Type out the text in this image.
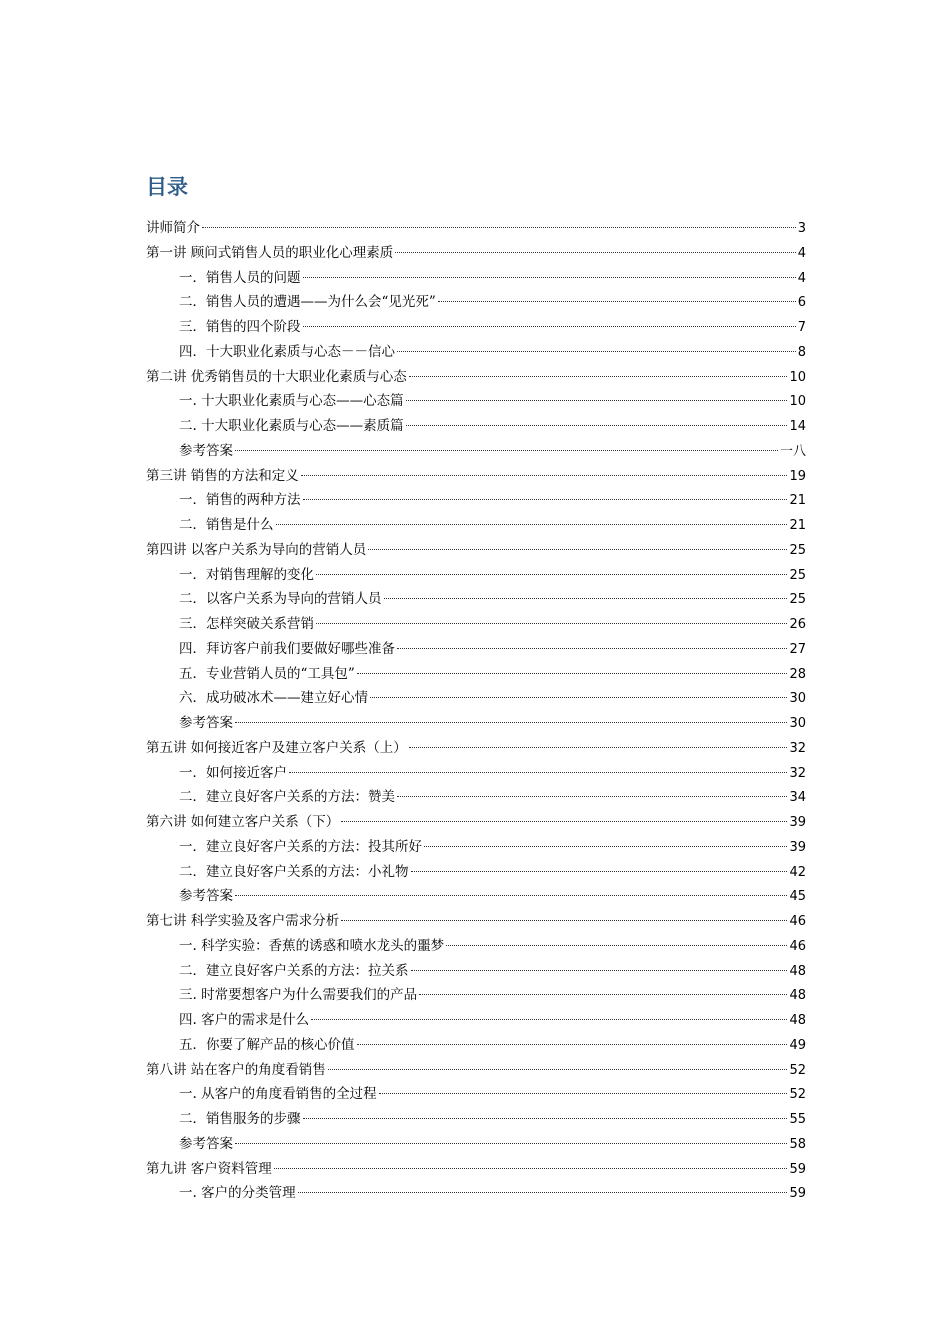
目录
讲师简介	3
第一讲 顾问式销售人员的职业化心理素质	4
一．销售人员的问题	4
二．销售人员的遭遇——为什么会“见光死”	6
三．销售的四个阶段	7
四．十大职业化素质与心态－－信心	8
第二讲 优秀销售员的十大职业化素质与心态	10
一. 十大职业化素质与心态——心态篇	10
二. 十大职业化素质与心态——素质篇	14
参考答案	一八
第三讲 销售的方法和定义	19
一．销售的两种方法	21
二．销售是什么	21
第四讲 以客户关系为导向的营销人员	25
一．对销售理解的变化	25
二．以客户关系为导向的营销人员	25
三．怎样突破关系营销	26
四．拜访客户前我们要做好哪些准备	27
五．专业营销人员的“工具包”	28
六．成功破冰术——建立好心情	30
参考答案	30
第五讲 如何接近客户及建立客户关系（上）	32
一．如何接近客户	32
二．建立良好客户关系的方法：赞美	34
第六讲 如何建立客户关系（下）	39
一．建立良好客户关系的方法：投其所好	39
二．建立良好客户关系的方法：小礼物	42
参考答案	45
第七讲 科学实验及客户需求分析	46
一. 科学实验：香蕉的诱惑和喷水龙头的噩梦	46
二．建立良好客户关系的方法：拉关系	48
三. 时常要想客户为什么需要我们的产品	48
四. 客户的需求是什么	48
五．你要了解产品的核心价值	49
第八讲 站在客户的角度看销售	52
一. 从客户的角度看销售的全过程	52
二．销售服务的步骤	55
参考答案	58
第九讲 客户资料管理	59
一. 客户的分类管理	59
